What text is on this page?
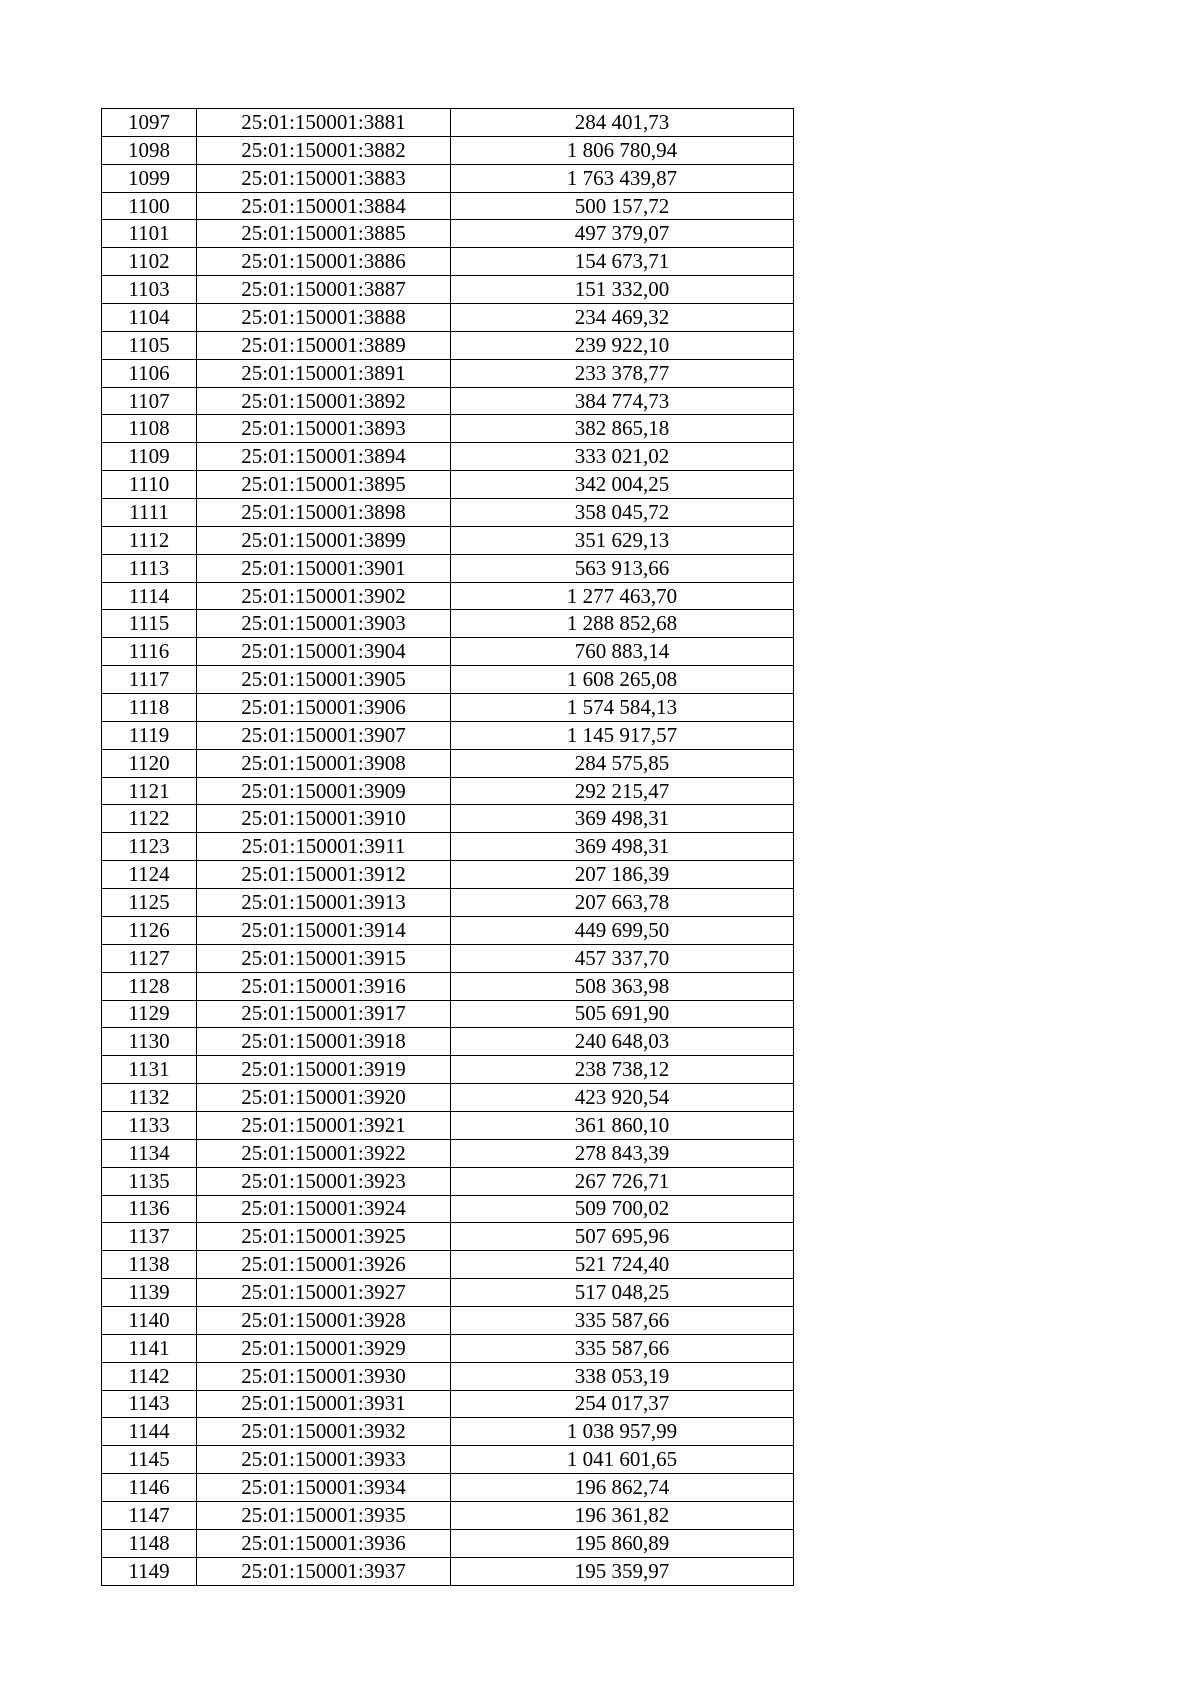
1097	25:01:150001:3881	284 401,73
1098	25:01:150001:3882	1 806 780,94
1099	25:01:150001:3883	1 763 439,87
1100	25:01:150001:3884	500 157,72
1101	25:01:150001:3885	497 379,07
1102	25:01:150001:3886	154 673,71
1103	25:01:150001:3887	151 332,00
1104	25:01:150001:3888	234 469,32
1105	25:01:150001:3889	239 922,10
1106	25:01:150001:3891	233 378,77
1107	25:01:150001:3892	384 774,73
1108	25:01:150001:3893	382 865,18
1109	25:01:150001:3894	333 021,02
1110	25:01:150001:3895	342 004,25
1111	25:01:150001:3898	358 045,72
1112	25:01:150001:3899	351 629,13
1113	25:01:150001:3901	563 913,66
1114	25:01:150001:3902	1 277 463,70
1115	25:01:150001:3903	1 288 852,68
1116	25:01:150001:3904	760 883,14
1117	25:01:150001:3905	1 608 265,08
1118	25:01:150001:3906	1 574 584,13
1119	25:01:150001:3907	1 145 917,57
1120	25:01:150001:3908	284 575,85
1121	25:01:150001:3909	292 215,47
1122	25:01:150001:3910	369 498,31
1123	25:01:150001:3911	369 498,31
1124	25:01:150001:3912	207 186,39
1125	25:01:150001:3913	207 663,78
1126	25:01:150001:3914	449 699,50
1127	25:01:150001:3915	457 337,70
1128	25:01:150001:3916	508 363,98
1129	25:01:150001:3917	505 691,90
1130	25:01:150001:3918	240 648,03
1131	25:01:150001:3919	238 738,12
1132	25:01:150001:3920	423 920,54
1133	25:01:150001:3921	361 860,10
1134	25:01:150001:3922	278 843,39
1135	25:01:150001:3923	267 726,71
1136	25:01:150001:3924	509 700,02
1137	25:01:150001:3925	507 695,96
1138	25:01:150001:3926	521 724,40
1139	25:01:150001:3927	517 048,25
1140	25:01:150001:3928	335 587,66
1141	25:01:150001:3929	335 587,66
1142	25:01:150001:3930	338 053,19
1143	25:01:150001:3931	254 017,37
1144	25:01:150001:3932	1 038 957,99
1145	25:01:150001:3933	1 041 601,65
1146	25:01:150001:3934	196 862,74
1147	25:01:150001:3935	196 361,82
1148	25:01:150001:3936	195 860,89
1149	25:01:150001:3937	195 359,97
